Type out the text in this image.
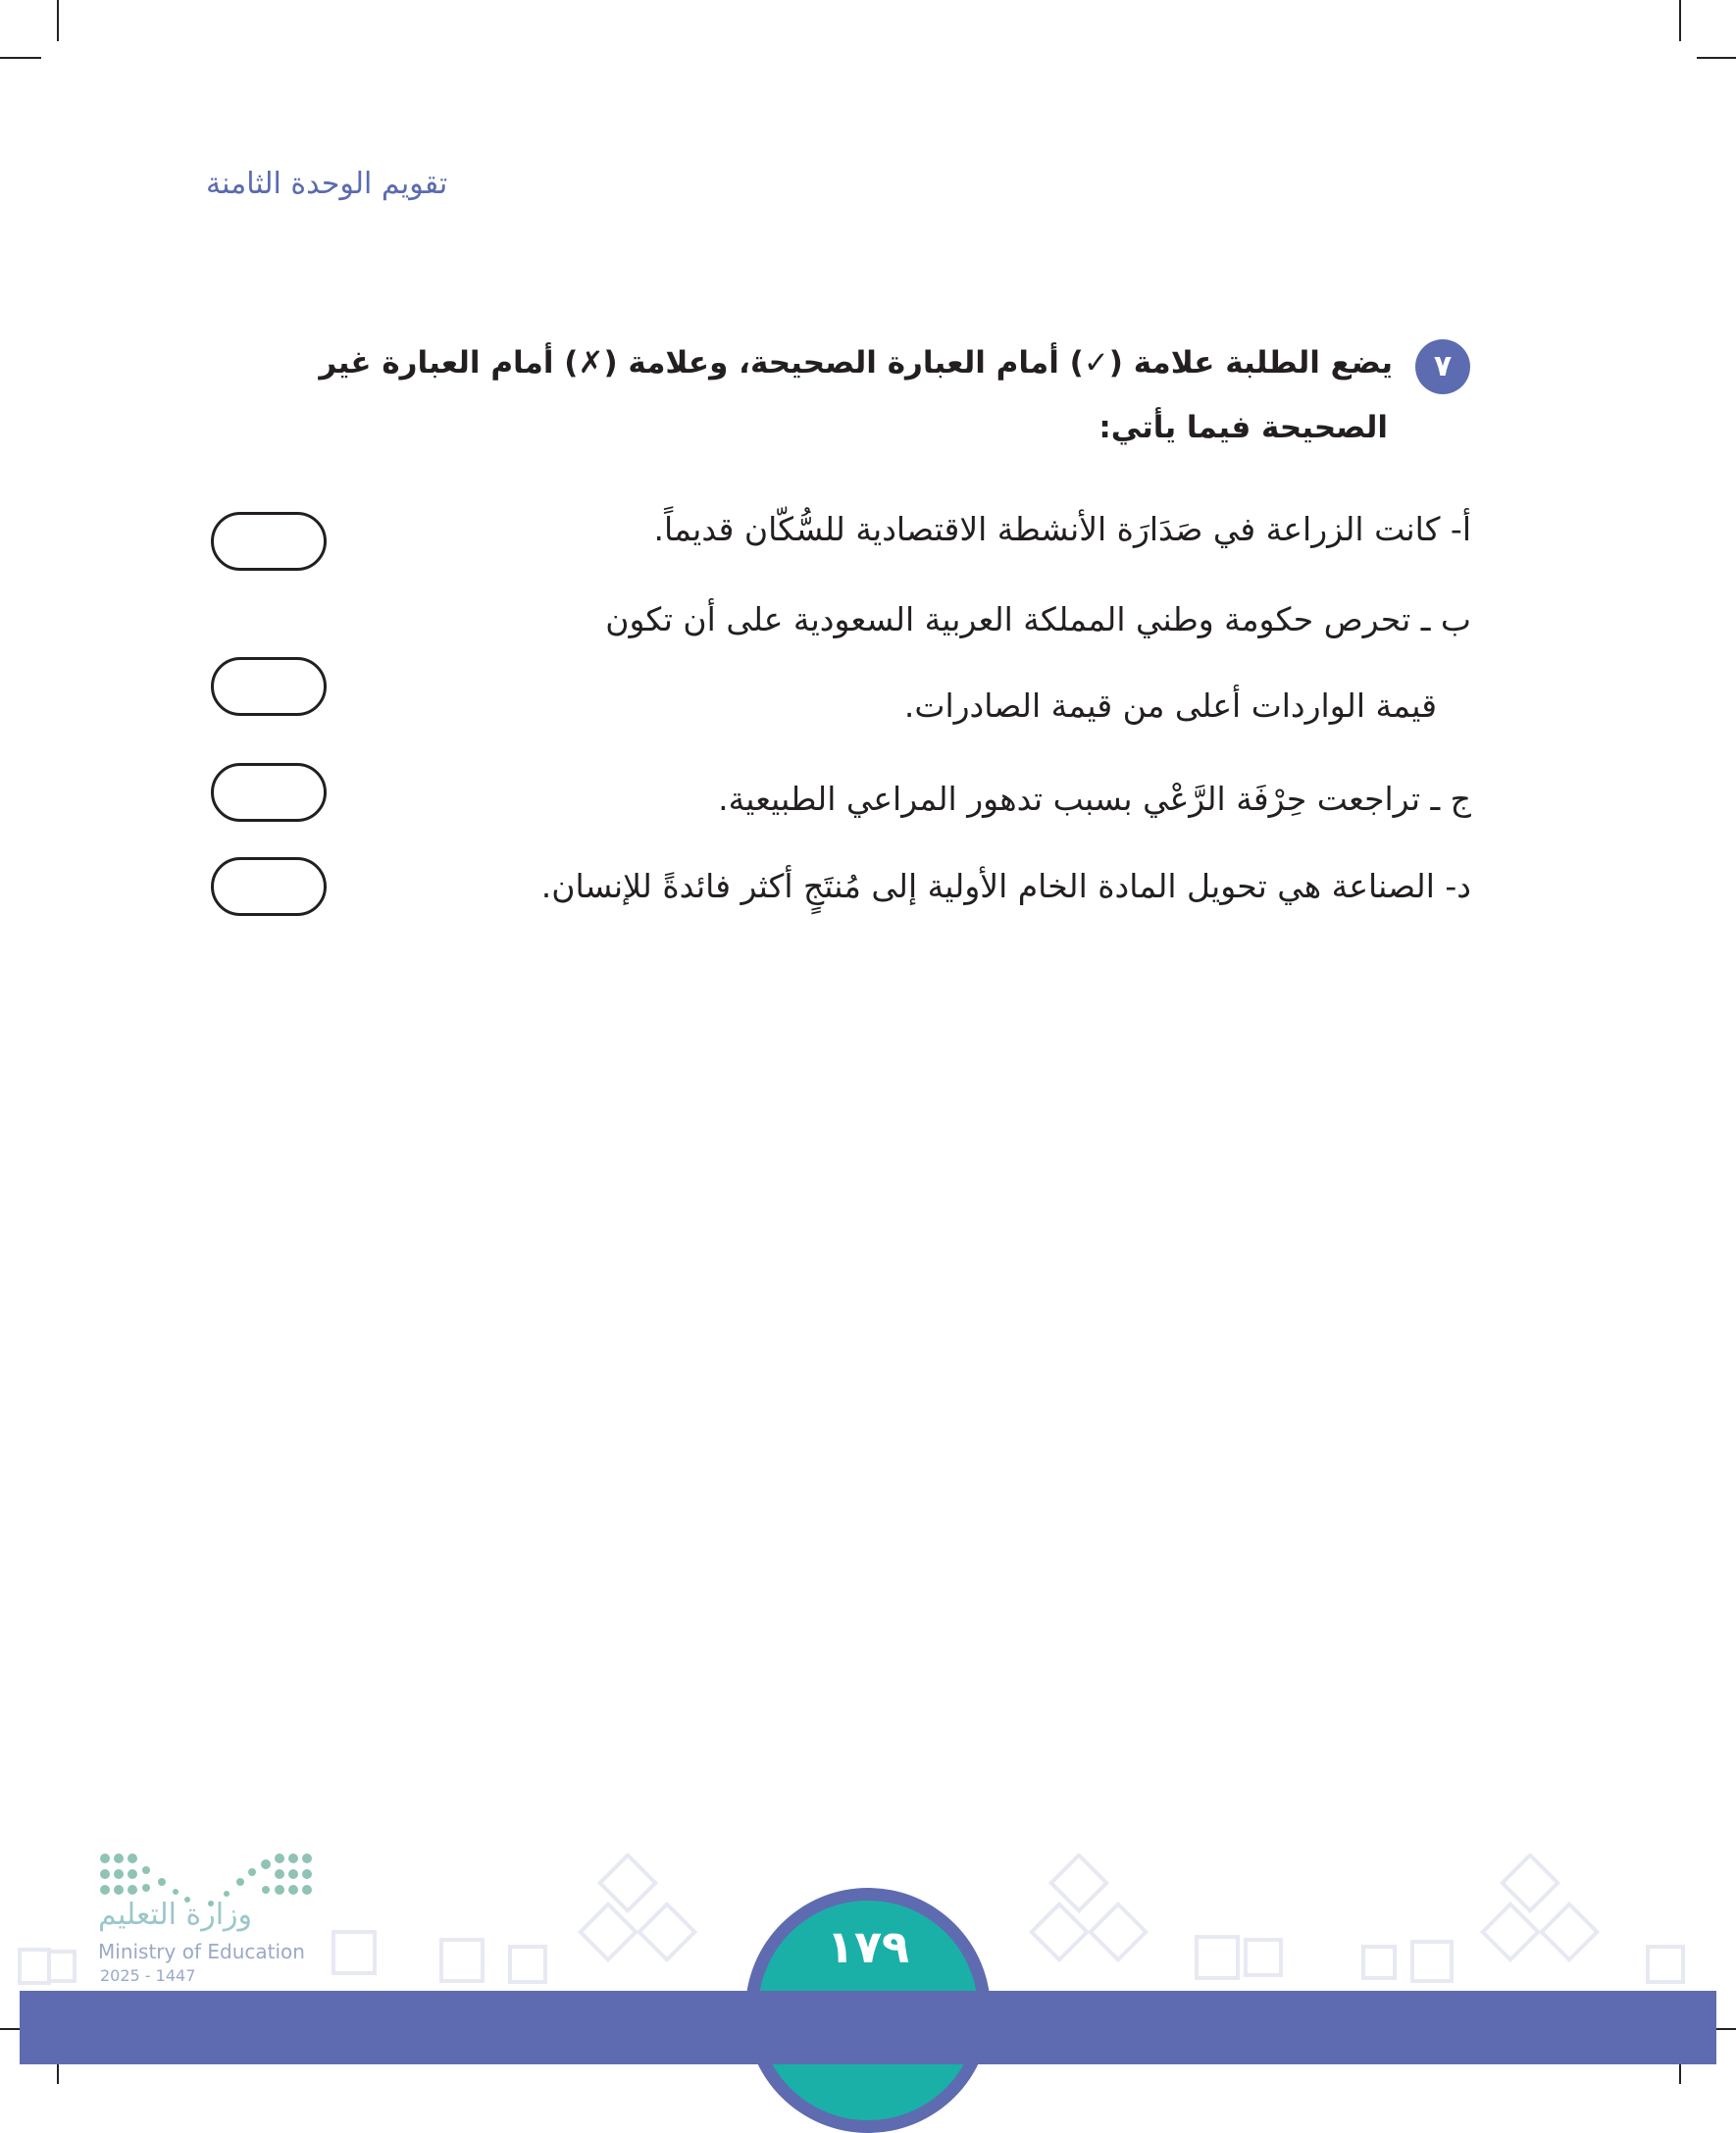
تقويم الوحدة الثامنة
٧
يضع الطلبة علامة (✓) أمام العبارة الصحيحة، وعلامة (✗) أمام العبارة غير
الصحيحة فيما يأتي:
أ- كانت الزراعة في صَدَارَة الأنشطة الاقتصادية للسُّكّان قديماً.
ب ـ تحرص حكومة وطني المملكة العربية السعودية على أن تكون
قيمة الواردات أعلى من قيمة الصادرات.
ج ـ تراجعت حِرْفَة الرَّعْي بسبب تدهور المراعي الطبيعية.
د- الصناعة هي تحويل المادة الخام الأولية إلى مُنتَجٍ أكثر فائدةً للإنسان.
وزارة التعليم
Ministry of Education
2025 - 1447
١٧٩
